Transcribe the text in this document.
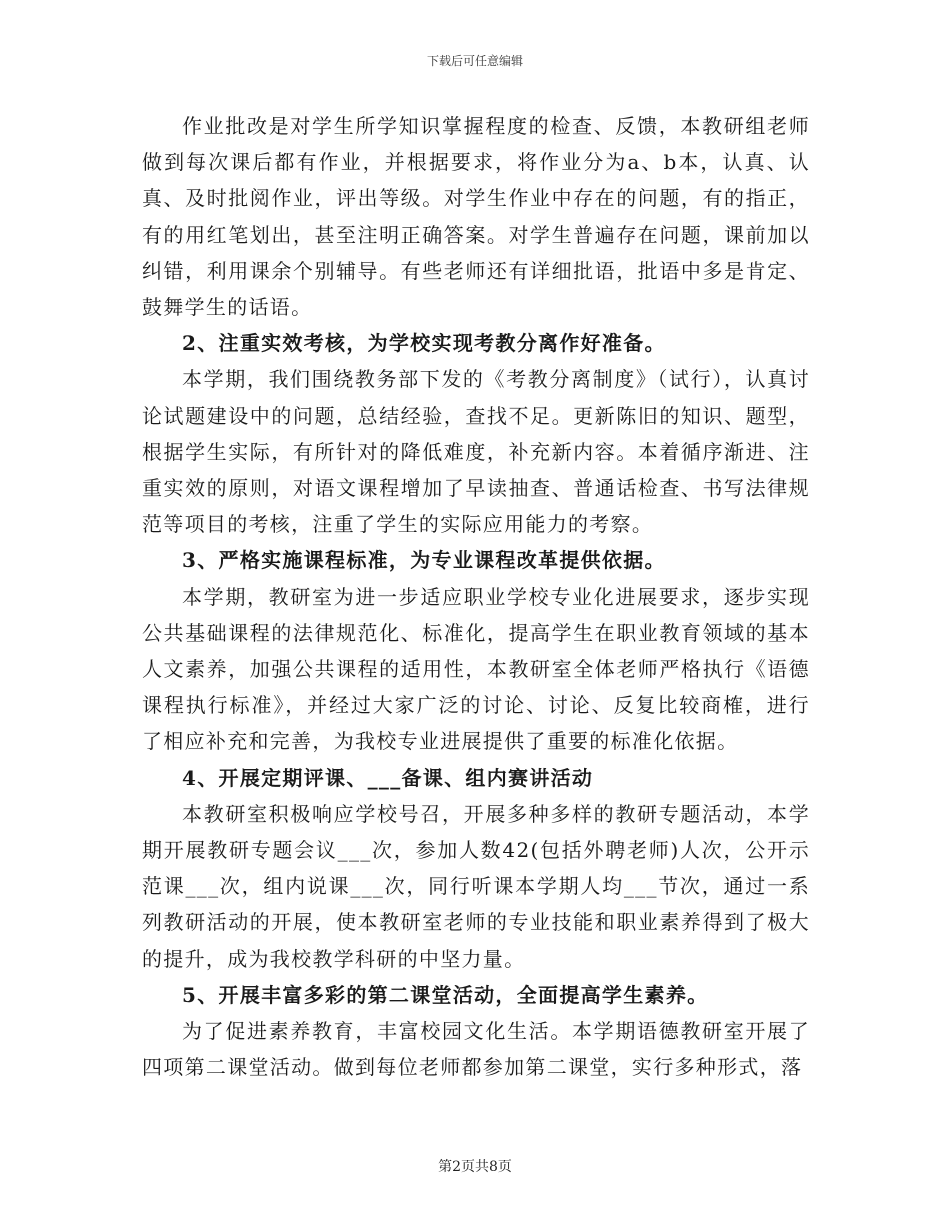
下载后可任意编辑

作业批改是对学生所学知识掌握程度的检查、反馈，本教研组老师做到每次课后都有作业，并根据要求，将作业分为a、b本，认真、认真、及时批阅作业，评出等级。对学生作业中存在的问题，有的指正，有的用红笔划出，甚至注明正确答案。对学生普遍存在问题，课前加以纠错，利用课余个别辅导。有些老师还有详细批语，批语中多是肯定、鼓舞学生的话语。

2、注重实效考核，为学校实现考教分离作好准备。

本学期，我们围绕教务部下发的《考教分离制度》（试行），认真讨论试题建设中的问题，总结经验，查找不足。更新陈旧的知识、题型，根据学生实际，有所针对的降低难度，补充新内容。本着循序渐进、注重实效的原则，对语文课程增加了早读抽查、普通话检查、书写法律规范等项目的考核，注重了学生的实际应用能力的考察。

3、严格实施课程标准，为专业课程改革提供依据。

本学期，教研室为进一步适应职业学校专业化进展要求，逐步实现公共基础课程的法律规范化、标准化，提高学生在职业教育领域的基本人文素养，加强公共课程的适用性，本教研室全体老师严格执行《语德课程执行标准》，并经过大家广泛的讨论、讨论、反复比较商榷，进行了相应补充和完善，为我校专业进展提供了重要的标准化依据。

4、开展定期评课、___备课、组内赛讲活动

本教研室积极响应学校号召，开展多种多样的教研专题活动，本学期开展教研专题会议___次，参加人数42(包括外聘老师)人次，公开示范课___次，组内说课___次，同行听课本学期人均___节次，通过一系列教研活动的开展，使本教研室老师的专业技能和职业素养得到了极大的提升，成为我校教学科研的中坚力量。

5、开展丰富多彩的第二课堂活动，全面提高学生素养。

为了促进素养教育，丰富校园文化生活。本学期语德教研室开展了四项第二课堂活动。做到每位老师都参加第二课堂，实行多种形式，落

第2页共8页
